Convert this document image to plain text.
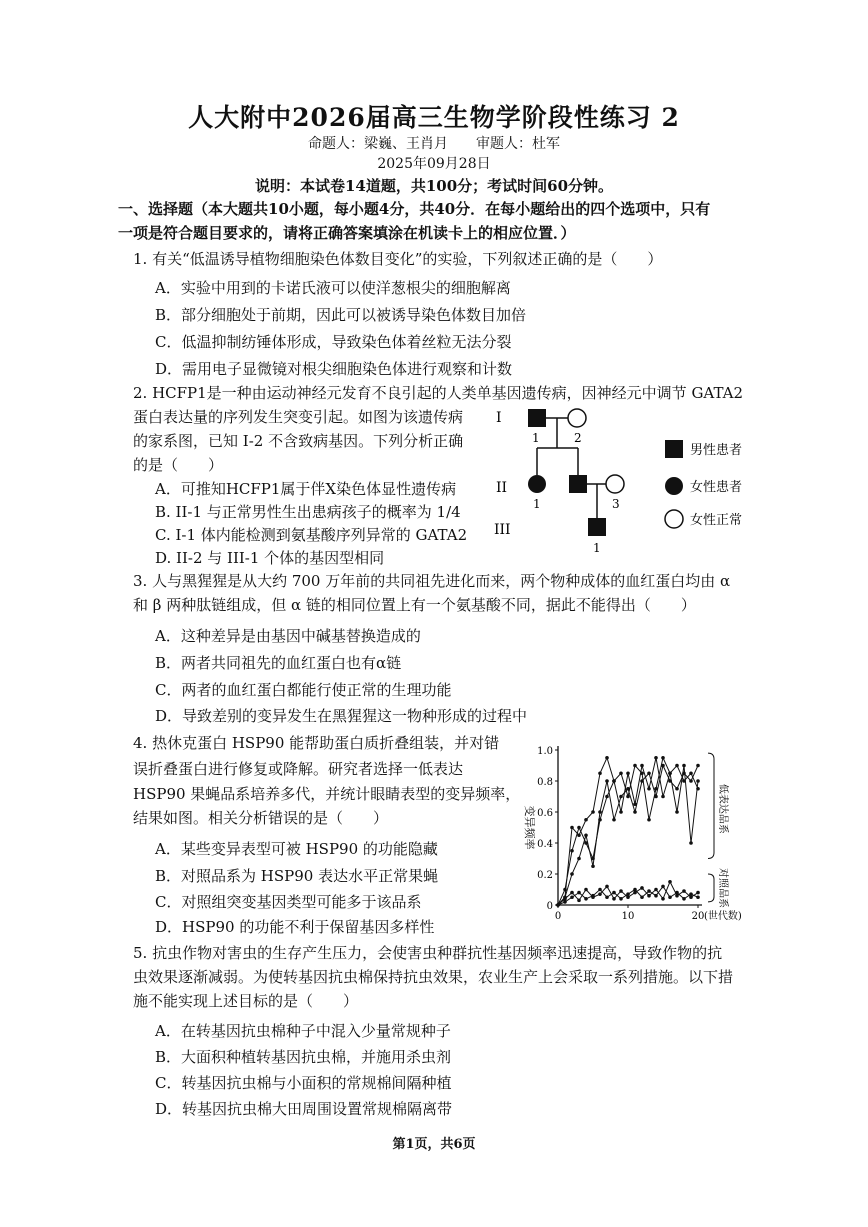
人大附中2026届高三生物学阶段性练习 2
命题人：梁巍、王肖月　　审题人：杜军
2025年09月28日
说明：本试卷14道题，共100分；考试时间60分钟。
一、选择题（本大题共10小题，每小题4分，共40分．在每小题给出的四个选项中，只有
一项是符合题目要求的，请将正确答案填涂在机读卡上的相应位置．）
1. 有关“低温诱导植物细胞染色体数目变化”的实验，下列叙述正确的是（　　）
A．实验中用到的卡诺氏液可以使洋葱根尖的细胞解离
B．部分细胞处于前期，因此可以被诱导染色体数目加倍
C．低温抑制纺锤体形成，导致染色体着丝粒无法分裂
D．需用电子显微镜对根尖细胞染色体进行观察和计数
2. HCFP1是一种由运动神经元发育不良引起的人类单基因遗传病，因神经元中调节 GATA2
蛋白表达量的序列发生突变引起。如图为该遗传病
的家系图，已知 I-2 不含致病基因。下列分析正确
的是（　　）
A．可推知HCFP1属于伴X染色体显性遗传病
B. II-1 与正常男性生出患病孩子的概率为 1/4
C. I-1 体内能检测到氨基酸序列异常的 GATA2
D. II-2 与 III-1 个体的基因型相同
I
II
III
1	2
1	3
1
男性患者
女性患者
女性正常
3. 人与黑猩猩是从大约 700 万年前的共同祖先进化而来，两个物种成体的血红蛋白均由 α
和 β 两种肽链组成，但 α 链的相同位置上有一个氨基酸不同，据此不能得出（　　）
A．这种差异是由基因中碱基替换造成的
B．两者共同祖先的血红蛋白也有α链
C．两者的血红蛋白都能行使正常的生理功能
D．导致差别的变异发生在黑猩猩这一物种形成的过程中
4. 热休克蛋白 HSP90 能帮助蛋白质折叠组装，并对错
误折叠蛋白进行修复或降解。研究者选择一低表达
HSP90 果蝇品系培养多代，并统计眼睛表型的变异频率，
结果如图。相关分析错误的是（　　）
A．某些变异表型可被 HSP90 的功能隐藏
B．对照品系为 HSP90 表达水平正常果蝇
C．对照组突变基因类型可能多于该品系
D．HSP90 的功能不利于保留基因多样性
0
0.2
0.4
0.6
0.8
1.0
0	10	20 (世代数)
变异频率	低表达品系
对照品系
5. 抗虫作物对害虫的生存产生压力，会使害虫种群抗性基因频率迅速提高，导致作物的抗
虫效果逐渐减弱。为使转基因抗虫棉保持抗虫效果，农业生产上会采取一系列措施。以下措
施不能实现上述目标的是（　　）
A．在转基因抗虫棉种子中混入少量常规种子
B．大面积种植转基因抗虫棉，并施用杀虫剂
C．转基因抗虫棉与小面积的常规棉间隔种植
D．转基因抗虫棉大田周围设置常规棉隔离带
第1页，共6页
